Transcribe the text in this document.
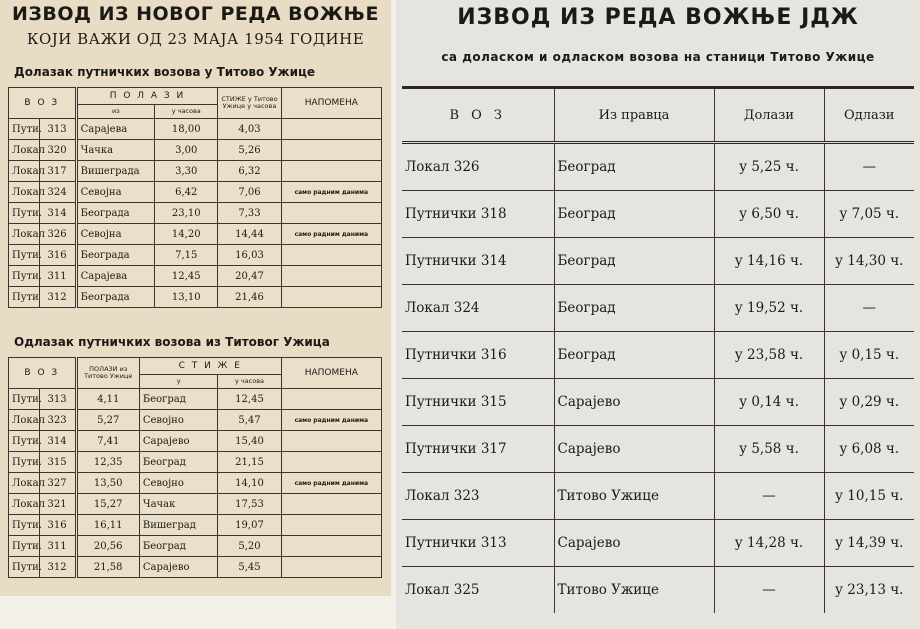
ИЗВОД ИЗ НОВОГ РЕДА ВОЖЊЕ
КОЈИ ВАЖИ ОД 23 МАЈА 1954 ГОДИНЕ
Долазак путничких возова у Титово Ужице
В О З		П О Л А З И		СТИЖЕ у Титово Ужице у часова	НАПОМЕНА
		из	у часова		
Пути.	313	Сарајева	18,00	4,03	
Локал	320	Чачка	3,00	5,26	
Локал	317	Вишеграда	3,30	6,32	
Локал	324	Севојна	6,42	7,06	само радним данима
Пути.	314	Београда	23,10	7,33	
Локал	326	Севојна	14,20	14,44	само радним данима
Пути.	316	Београда	7,15	16,03	
Пути.	311	Сарајева	12,45	20,47	
Пути	312	Београда	13,10	21,46	
Одлазак путничких возова из Титовог Ужица
В О З		ПОЛАЗИ из Титово Ужице	С Т И Ж Е		НАПОМЕНА
			у	у часова	
Пути.	313	4,11	Београд	12,45	
Локал	323	5,27	Севојно	5,47	само радним данима
Пути.	314	7,41	Сарајево	15,40	
Пути.	315	12,35	Београд	21,15	
Локал	327	13,50	Севојно	14,10	само радним данима
Локал	321	15,27	Чачак	17,53	
Пути.	316	16,11	Вишеград	19,07	
Пути.	311	20,56	Београд	5,20	
Пути.	312	21,58	Сарајево	5,45	
ИЗВОД ИЗ РЕДА ВОЖЊЕ ЈДЖ
са доласком и одласком возова на станици Титово Ужице
В О З	Из правца	Долази	Одлази
Локал 326	Београд	у 5,25 ч.	—
Путнички 318	Београд	у 6,50 ч.	у 7,05 ч.
Путнички 314	Београд	у 14,16 ч.	у 14,30 ч.
Локал 324	Београд	у 19,52 ч.	—
Путнички 316	Београд	у 23,58 ч.	у 0,15 ч.
Путнички 315	Сарајево	у 0,14 ч.	у 0,29 ч.
Путнички 317	Сарајево	у 5,58 ч.	у 6,08 ч.
Локал 323	Титово Ужице	—	у 10,15 ч.
Путнички 313	Сарајево	у 14,28 ч.	у 14,39 ч.
Локал 325	Титово Ужице	—	у 23,13 ч.
